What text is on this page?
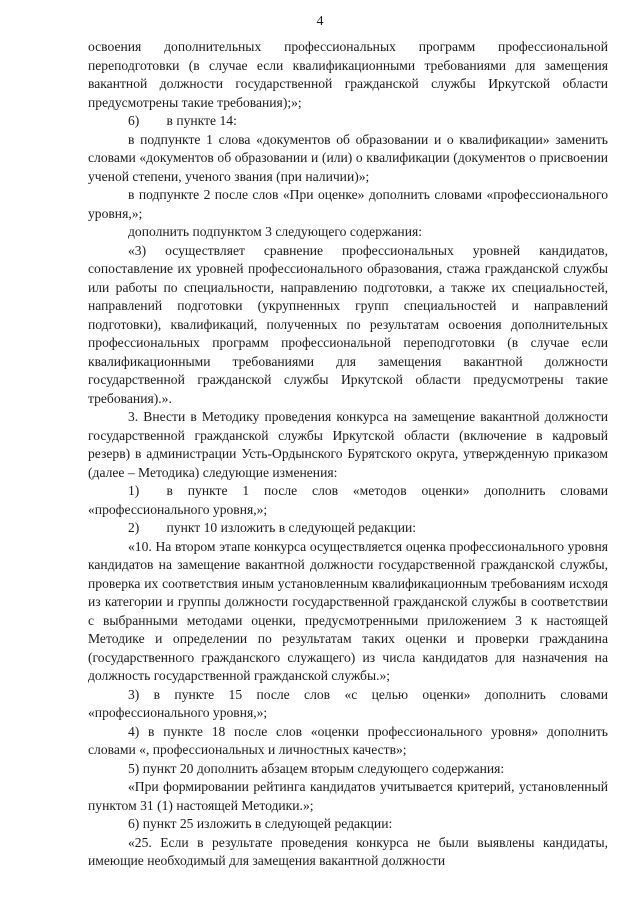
4

освоения дополнительных профессиональных программ профессиональной переподготовки (в случае если квалификационными требованиями для замещения вакантной должности государственной гражданской службы Иркутской области предусмотрены такие требования);»;

6)  в пункте 14:

в подпункте 1 слова «документов об образовании и о квалификации» заменить словами «документов об образовании и (или) о квалификации (документов о присвоении ученой степени, ученого звания (при наличии)»;

в подпункте 2 после слов «При оценке» дополнить словами «профессионального уровня,»;

дополнить подпунктом 3 следующего содержания:

«3) осуществляет сравнение профессиональных уровней кандидатов, сопоставление их уровней профессионального образования, стажа гражданской службы или работы по специальности, направлению подготовки, а также их специальностей, направлений подготовки (укрупненных групп специальностей и направлений подготовки), квалификаций, полученных по результатам освоения дополнительных профессиональных программ профессиональной переподготовки (в случае если квалификационными требованиями для замещения вакантной должности государственной гражданской службы Иркутской области предусмотрены такие требования).».

3. Внести в Методику проведения конкурса на замещение вакантной должности государственной гражданской службы Иркутской области (включение в кадровый резерв) в администрации Усть-Ордынского Бурятского округа, утвержденную приказом (далее – Методика) следующие изменения:

1)  в пункте 1 после слов «методов оценки» дополнить словами «профессионального уровня,»;

2)  пункт 10 изложить в следующей редакции:

«10. На втором этапе конкурса осуществляется оценка профессионального уровня кандидатов на замещение вакантной должности государственной гражданской службы, проверка их соответствия иным установленным квалификационным требованиям исходя из категории и группы должности государственной гражданской службы в соответствии с выбранными методами оценки, предусмотренными приложением 3 к настоящей Методике и определении по результатам таких оценки и проверки гражданина (государственного гражданского служащего) из числа кандидатов для назначения на должность государственной гражданской службы.»;

3) в пункте 15 после слов «с целью оценки» дополнить словами «профессионального уровня,»;

4) в пункте 18 после слов «оценки профессионального уровня» дополнить словами «, профессиональных и личностных качеств»;

5) пункт 20 дополнить абзацем вторым следующего содержания:

«При формировании рейтинга кандидатов учитывается критерий, установленный пунктом 31 (1) настоящей Методики.»;

6) пункт 25 изложить в следующей редакции:

«25. Если в результате проведения конкурса не были выявлены кандидаты, имеющие необходимый для замещения вакантной должности
